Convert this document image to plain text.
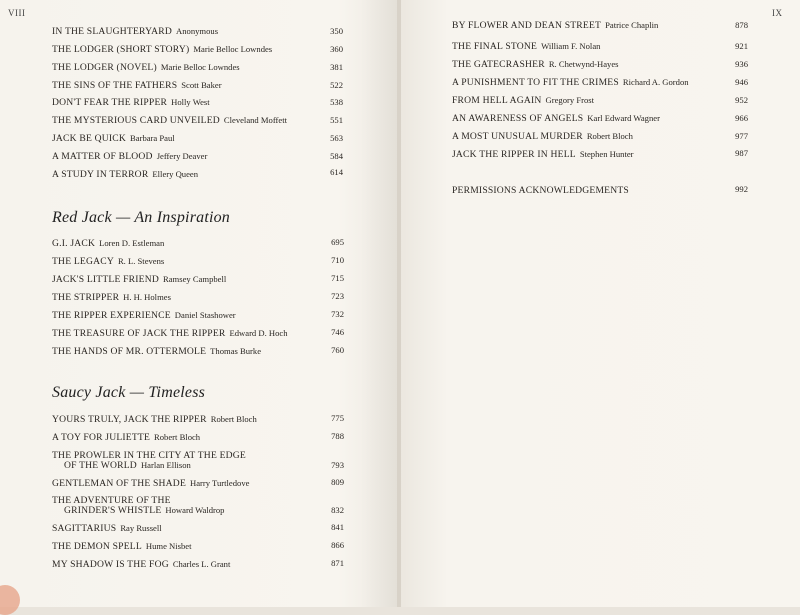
VIII	IX
IN THE SLAUGHTERYARD Anonymous	350
THE LODGER (SHORT STORY) Marie Belloc Lowndes	360
THE LODGER (NOVEL) Marie Belloc Lowndes	381
THE SINS OF THE FATHERS Scott Baker	522
DON'T FEAR THE RIPPER Holly West	538
THE MYSTERIOUS CARD UNVEILED Cleveland Moffett	551
JACK BE QUICK Barbara Paul	563
A MATTER OF BLOOD Jeffery Deaver	584
A STUDY IN TERROR Ellery Queen	614
Red Jack — An Inspiration
G.I. JACK Loren D. Estleman	695
THE LEGACY R. L. Stevens	710
JACK'S LITTLE FRIEND Ramsey Campbell	715
THE STRIPPER H. H. Holmes	723
THE RIPPER EXPERIENCE Daniel Stashower	732
THE TREASURE OF JACK THE RIPPER Edward D. Hoch	746
THE HANDS OF MR. OTTERMOLE Thomas Burke	760
Saucy Jack — Timeless
YOURS TRULY, JACK THE RIPPER Robert Bloch	775
A TOY FOR JULIETTE Robert Bloch	788
THE PROWLER IN THE CITY AT THE EDGE
OF THE WORLD Harlan Ellison	793
GENTLEMAN OF THE SHADE Harry Turtledove	809
THE ADVENTURE OF THE
GRINDER'S WHISTLE Howard Waldrop	832
SAGITTARIUS Ray Russell	841
THE DEMON SPELL Hume Nisbet	866
MY SHADOW IS THE FOG Charles L. Grant	871
BY FLOWER AND DEAN STREET Patrice Chaplin	878
THE FINAL STONE William F. Nolan	921
THE GATECRASHER R. Chetwynd-Hayes	936
A PUNISHMENT TO FIT THE CRIMES Richard A. Gordon	946
FROM HELL AGAIN Gregory Frost	952
AN AWARENESS OF ANGELS Karl Edward Wagner	966
A MOST UNUSUAL MURDER Robert Bloch	977
JACK THE RIPPER IN HELL Stephen Hunter	987
PERMISSIONS ACKNOWLEDGEMENTS	992
